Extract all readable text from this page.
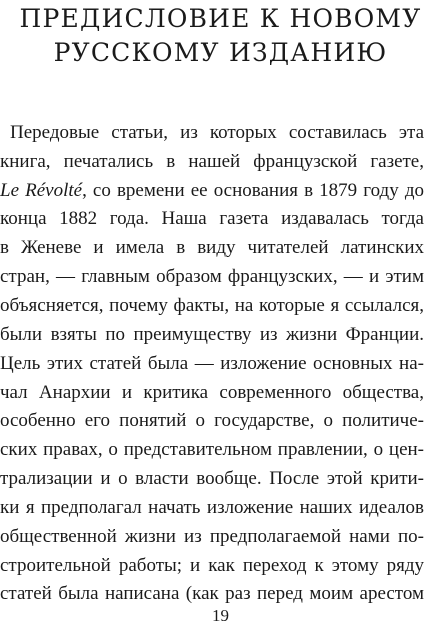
ПРЕДИСЛОВИЕ К НОВОМУ
РУССКОМУ ИЗДАНИЮ
Передовые статьи, из которых составилась эта
книга, печатались в нашей французской газете,
Le Révolté, со времени ее основания в 1879 году до
конца 1882 года. Наша газета издавалась тогда
в Женеве и имела в виду читателей латинских
стран, — главным образом французских, — и этим
объясняется, почему факты, на которые я ссылался,
были взяты по преимуществу из жизни Франции.
Цель этих статей была — изложение основных на-
чал Анархии и критика современного общества,
особенно его понятий о государстве, о политиче-
ских правах, о представительном правлении, о цен-
трализации и о власти вообще. После этой крити-
ки я предполагал начать изложение наших идеалов
общественной жизни из предполагаемой нами по-
строительной работы; и как переход к этому ряду
статей была написана (как раз перед моим арестом
19
